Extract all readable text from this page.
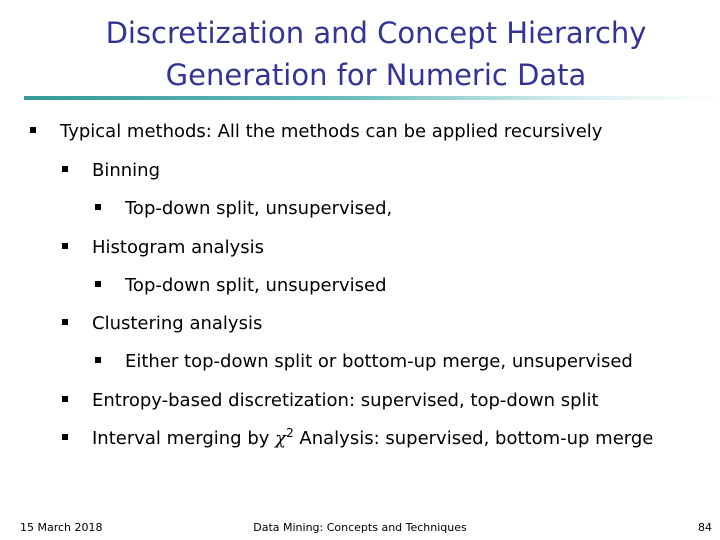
Discretization and Concept Hierarchy
Generation for Numeric Data
Typical methods: All the methods can be applied recursively
Binning
Top-down split, unsupervised,
Histogram analysis
Top-down split, unsupervised
Clustering analysis
Either top-down split or bottom-up merge, unsupervised
Entropy-based discretization: supervised, top-down split
Interval merging by $\chi^2$ Analysis: supervised, bottom-up merge
15 March 2018	Data Mining: Concepts and Techniques	84
